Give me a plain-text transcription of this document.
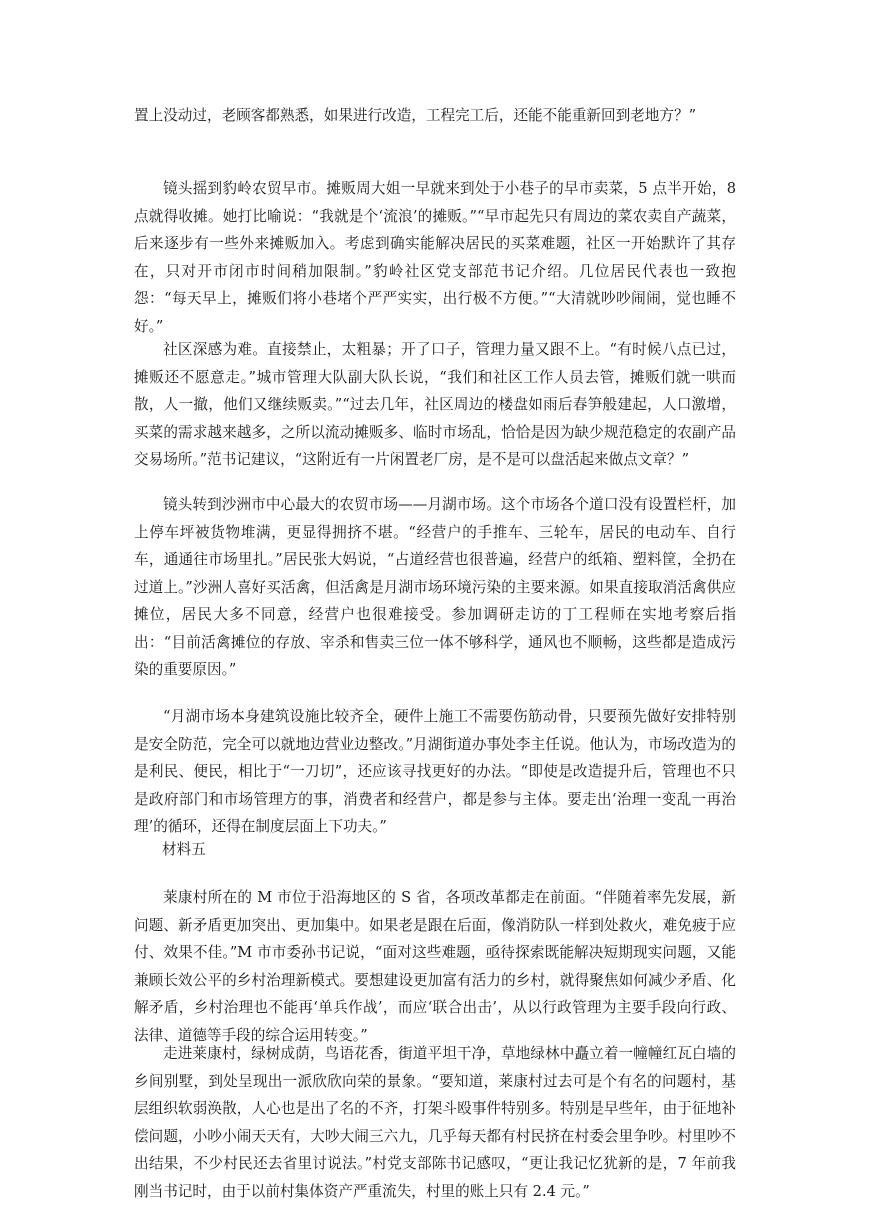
置上没动过，老顾客都熟悉，如果进行改造，工程完工后，还能不能重新回到老地方？”

镜头摇到豹岭农贸早市。摊贩周大姐一早就来到处于小巷子的早市卖菜，5 点半开始，8 点就得收摊。她打比喻说：“我就是个‘流浪’的摊贩。”“早市起先只有周边的菜农卖自产蔬菜，后来逐步有一些外来摊贩加入。考虑到确实能解决居民的买菜难题，社区一开始默许了其存在，只对开市闭市时间稍加限制。”豹岭社区党支部范书记介绍。几位居民代表也一致抱怨：“每天早上，摊贩们将小巷堵个严严实实，出行极不方便。”“大清就吵吵闹闹，觉也睡不好。”

社区深感为难。直接禁止，太粗暴；开了口子，管理力量又跟不上。“有时候八点已过，摊贩还不愿意走。”城市管理大队副大队长说，“我们和社区工作人员去管，摊贩们就一哄而散，人一撤，他们又继续贩卖。”“过去几年，社区周边的楼盘如雨后春笋般建起，人口激增，买菜的需求越来越多，之所以流动摊贩多、临时市场乱，恰恰是因为缺少规范稳定的农副产品交易场所。”范书记建议，“这附近有一片闲置老厂房，是不是可以盘活起来做点文章？”

镜头转到沙洲市中心最大的农贸市场——月湖市场。这个市场各个道口没有设置栏杆，加上停车坪被货物堆满，更显得拥挤不堪。“经营户的手推车、三轮车，居民的电动车、自行车，通通往市场里扎。”居民张大妈说，“占道经营也很普遍，经营户的纸箱、塑料筐，全扔在过道上。”沙洲人喜好买活禽，但活禽是月湖市场环境污染的主要来源。如果直接取消活禽供应摊位，居民大多不同意，经营户也很难接受。参加调研走访的丁工程师在实地考察后指出：“目前活禽摊位的存放、宰杀和售卖三位一体不够科学，通风也不顺畅，这些都是造成污染的重要原因。”

“月湖市场本身建筑设施比较齐全，硬件上施工不需要伤筋动骨，只要预先做好安排特别是安全防范，完全可以就地边营业边整改。”月湖街道办事处李主任说。他认为，市场改造为的是利民、便民，相比于“一刀切”，还应该寻找更好的办法。“即使是改造提升后，管理也不只是政府部门和市场管理方的事，消费者和经营户，都是参与主体。要走出‘治理一变乱一再治理’的循环，还得在制度层面上下功夫。”

材料五

莱康村所在的 M 市位于沿海地区的 S 省，各项改革都走在前面。“伴随着率先发展，新问题、新矛盾更加突出、更加集中。如果老是跟在后面，像消防队一样到处救火，难免疲于应付、效果不佳。”M 市市委孙书记说，“面对这些难题，亟待探索既能解决短期现实问题，又能兼顾长效公平的乡村治理新模式。要想建设更加富有活力的乡村，就得聚焦如何减少矛盾、化解矛盾，乡村治理也不能再‘单兵作战’，而应‘联合出击’，从以行政管理为主要手段向行政、法律、道德等手段的综合运用转变。”

走进莱康村，绿树成荫，鸟语花香，街道平坦干净，草地绿林中矗立着一幢幢红瓦白墙的乡间别墅，到处呈现出一派欣欣向荣的景象。“要知道，莱康村过去可是个有名的问题村，基层组织软弱涣散，人心也是出了名的不齐，打架斗殴事件特别多。特别是早些年，由于征地补偿问题，小吵小闹天天有，大吵大闹三六九，几乎每天都有村民挤在村委会里争吵。村里吵不出结果，不少村民还去省里讨说法。”村党支部陈书记感叹，“更让我记忆犹新的是，7 年前我刚当书记时，由于以前村集体资产严重流失，村里的账上只有 2.4 元。”
